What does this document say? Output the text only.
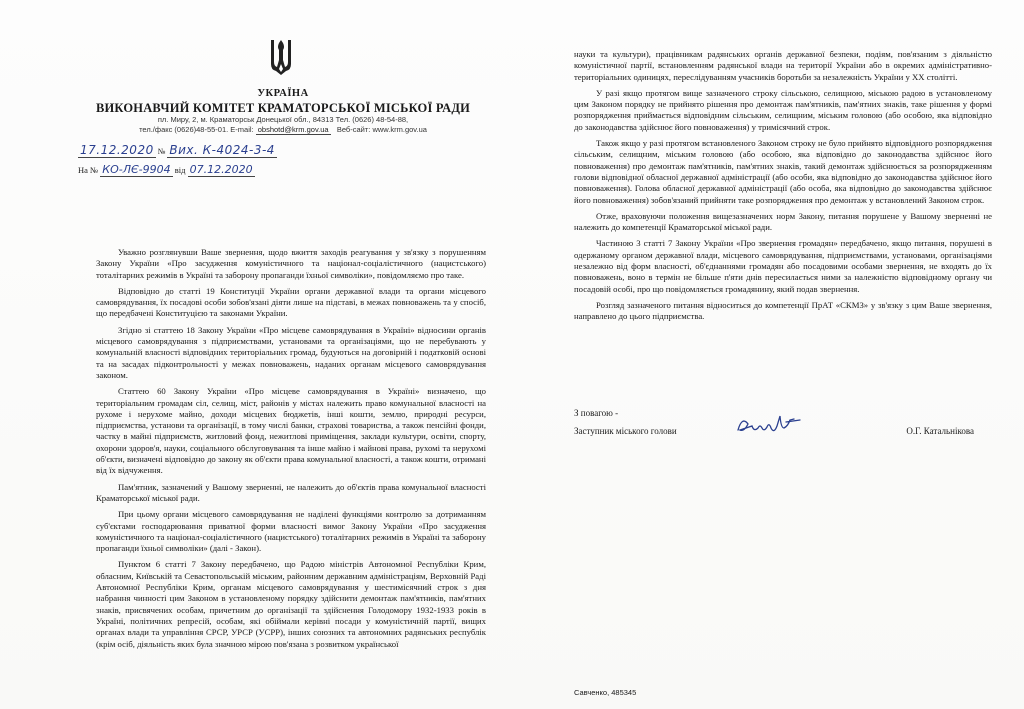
УКРАЇНА
ВИКОНАВЧИЙ КОМІТЕТ КРАМАТОРСЬКОЇ МІСЬКОЇ РАДИ
пл. Миру, 2, м. Краматорськ Донецької обл., 84313 Тел. (0626) 48-54-88,
тел./факс (0626)48-55-01. E-mail: obshotd@krm.gov.ua Веб-сайт: www.krm.gov.ua
17.12.2020 № Вих. К-4024-3-4
На № КО-ЛЄ-9904 від 07.12.2020

Уважно розглянувши Ваше звернення, щодо вжиття заходів реагування у зв'язку з порушенням Закону України «Про засудження комуністичного та націонал-соціалістичного (нацистського) тоталітарних режимів в Україні та заборону пропаганди їхньої символіки», повідомляємо про таке.

Відповідно до статті 19 Конституції України органи державної влади та органи місцевого самоврядування, їх посадові особи зобов'язані діяти лише на підставі, в межах повноважень та у спосіб, що передбачені Конституцією та законами України.

Згідно зі статтею 18 Закону України «Про місцеве самоврядування в Україні» відносини органів місцевого самоврядування з підприємствами, установами та організаціями, що не перебувають у комунальній власності відповідних територіальних громад, будуються на договірній і податковій основі та на засадах підконтрольності у межах повноважень, наданих органам місцевого самоврядування законом.

Статтею 60 Закону України «Про місцеве самоврядування в Україні» визначено, що територіальним громадам сіл, селищ, міст, районів у містах належить право комунальної власності на рухоме і нерухоме майно, доходи місцевих бюджетів, інші кошти, землю, природні ресурси, підприємства, установи та організації, в тому числі банки, страхові товариства, а також пенсійні фонди, частку в майні підприємств, житловий фонд, нежитлові приміщення, заклади культури, освіти, спорту, охорони здоров'я, науки, соціального обслуговування та інше майно і майнові права, рухомі та нерухомі об'єкти, визначені відповідно до закону як об'єкти права комунальної власності, а також кошти, отримані від їх відчуження.

Пам'ятник, зазначений у Вашому зверненні, не належить до об'єктів права комунальної власності Краматорської міської ради.

При цьому органи місцевого самоврядування не наділені функціями контролю за дотриманням суб'єктами господарювання приватної форми власності вимог Закону України «Про засудження комуністичного та націонал-соціалістичного (нацистського) тоталітарних режимів в Україні та заборону пропаганди їхньої символіки» (далі - Закон).

Пунктом 6 статті 7 Закону передбачено, що Радою міністрів Автономної Республіки Крим, обласним, Київській та Севастопольській міським, районним державним адміністраціям, Верховній Раді Автономної Республіки Крим, органам місцевого самоврядування у шестимісячний строк з дня набрання чинності цим Законом в установленому порядку здійснити демонтаж пам'ятників, пам'ятних знаків, присвячених особам, причетним до організації та здійснення Голодомору 1932-1933 років в Україні, політичних репресій, особам, які обіймали керівні посади у комуністичній партії, вищих органах влади та управління СРСР, УРСР (УСРР), інших союзних та автономних радянських республік (крім осіб, діяльність яких була значною мірою пов'язана з розвитком української

науки та культури), працівникам радянських органів державної безпеки, подіям, пов'язаним з діяльністю комуністичної партії, встановленням радянської влади на території України або в окремих адміністративно-територіальних одиницях, переслідуванням учасників боротьби за незалежність України у ХХ столітті.

У разі якщо протягом вище зазначеного строку сільською, селищною, міською радою в установленому цим Законом порядку не прийнято рішення про демонтаж пам'ятників, пам'ятних знаків, таке рішення у формі розпорядження приймається відповідним сільським, селищним, міським головою (або особою, яка відповідно до законодавства здійснює його повноваження) у тримісячний строк.

Також якщо у разі протягом встановленого Законом строку не було прийнято відповідного розпорядження сільським, селищним, міським головою (або особою, яка відповідно до законодавства здійснює його повноваження) про демонтаж пам'ятників, пам'ятних знаків, такий демонтаж здійснюється за розпорядженням голови відповідної обласної державної адміністрації (або особи, яка відповідно до законодавства здійснює його повноваження). Голова обласної державної адміністрації (або особа, яка відповідно до законодавства здійснює його повноваження) зобов'язаний прийняти таке розпорядження про демонтаж у встановлений Законом строк.

Отже, враховуючи положення вищезазначених норм Закону, питання порушене у Вашому зверненні не належить до компетенції Краматорської міської ради.

Частиною 3 статті 7 Закону України «Про звернення громадян» передбачено, якщо питання, порушені в одержаному органом державної влади, місцевого самоврядування, підприємствами, установами, організаціями незалежно від форм власності, об'єднаннями громадян або посадовими особами звернення, не входять до їх повноважень, воно в термін не більше п'яти днів пересилається ними за належністю відповідному органу чи посадовій особі, про що повідомляється громадянину, який подав звернення.

Розгляд зазначеного питання відноситься до компетенції ПрАТ «СКМЗ» у зв'язку з цим Ваше звернення, направлено до цього підприємства.

З повагою -
Заступник міського голови	О.Г. Катальнікова
Савченко, 485345
